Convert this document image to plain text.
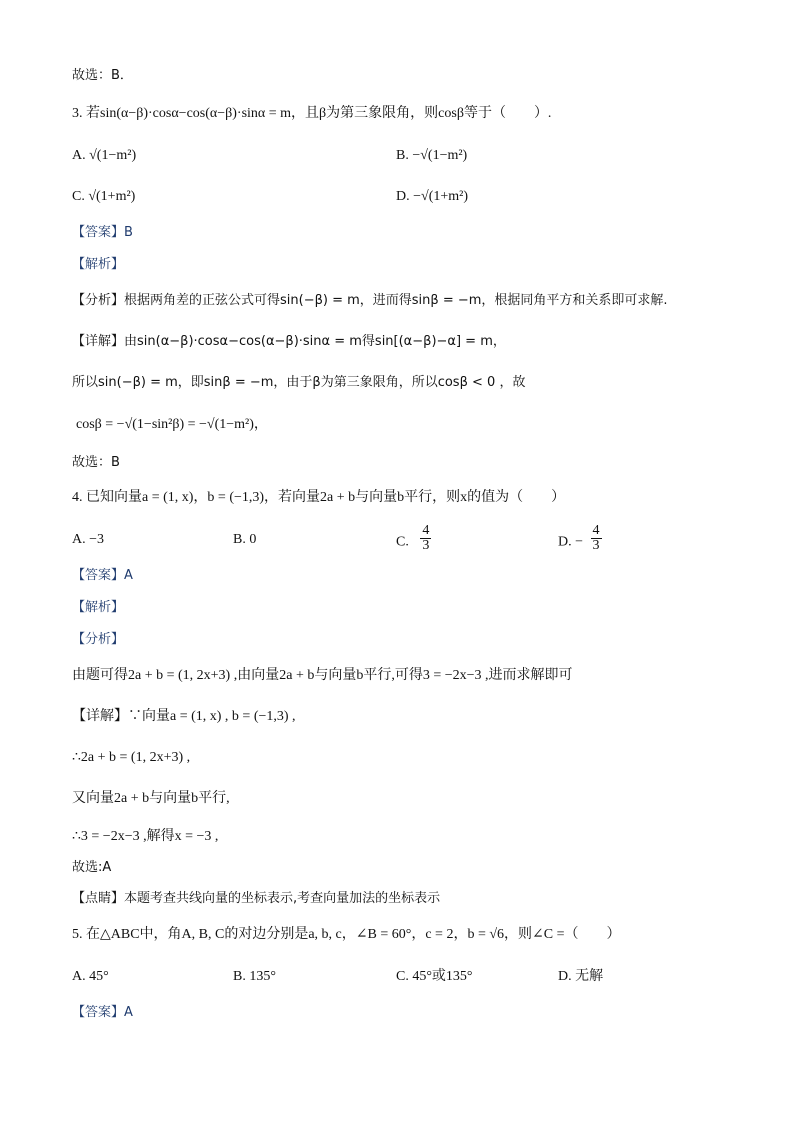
故选：B．
3. 若sin(α−β)·cosα−cos(α−β)·sinα = m，且β为第三象限角，则cosβ等于（　　）.
A. √(1−m²)	B. −√(1−m²)
C. √(1+m²)	D. −√(1+m²)
【答案】B
【解析】
【分析】根据两角差的正弦公式可得sin(−β) = m，进而得sinβ = −m，根据同角平方和关系即可求解.
【详解】由sin(α−β)·cosα−cos(α−β)·sinα = m得sin[(α−β)−α] = m，
所以sin(−β) = m，即sinβ = −m，由于β为第三象限角，所以cosβ < 0 ，故
cosβ = −√(1−sin²β) = −√(1−m²)，
故选：B
4. 已知向量a = (1, x)，b = (−1,3)，若向量2a + b与向量b平行，则x的值为（　　）
A. −3	B. 0	C. $\frac{4}{3}$	D. − $\frac{4}{3}$
【答案】A
【解析】
【分析】
由题可得2a + b = (1, 2x+3) ,由向量2a + b与向量b平行,可得3 = −2x−3 ,进而求解即可
【详解】∵向量a = (1, x) , b = (−1,3) ,
∴2a + b = (1, 2x+3) ,
又向量2a + b与向量b平行,
∴3 = −2x−3 ,解得x = −3 ,
故选:A
【点睛】本题考查共线向量的坐标表示,考查向量加法的坐标表示
5. 在△ABC中，角A, B, C的对边分别是a, b, c，∠B = 60°，c = 2，b = √6，则∠C =（　　）
A. 45°	B. 135°	C. 45°或135°	D. 无解
【答案】A
